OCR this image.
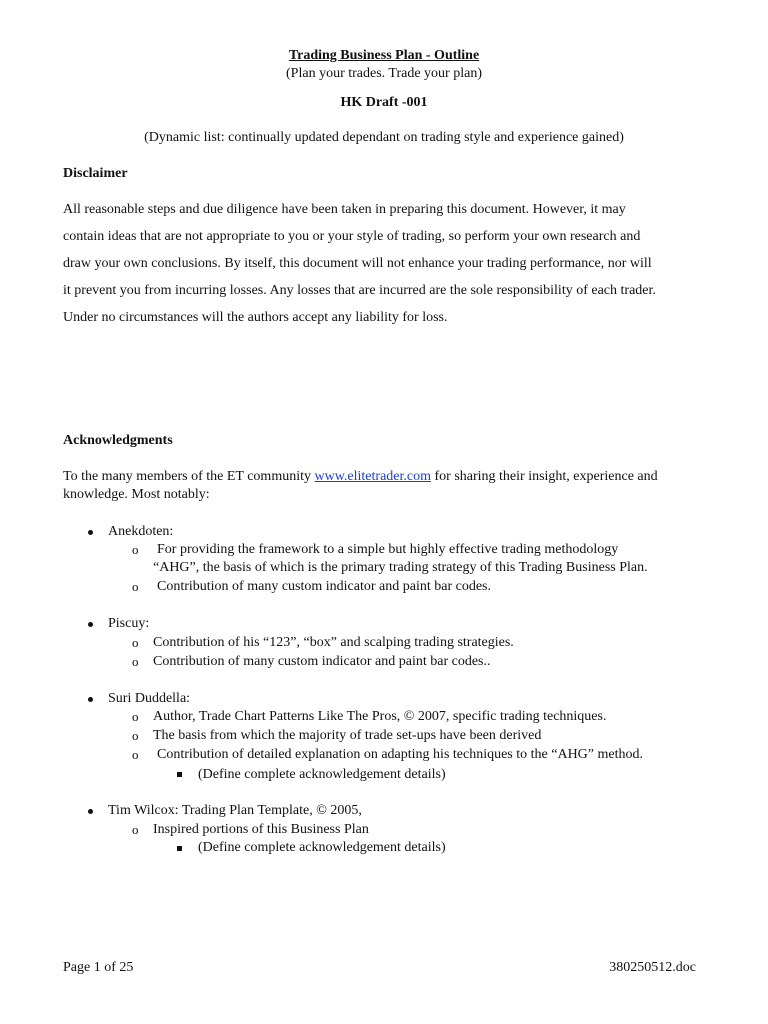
Trading Business Plan - Outline
(Plan your trades. Trade your plan)
HK Draft -001
(Dynamic list: continually updated dependant on trading style and experience gained)
Disclaimer
All reasonable steps and due diligence have been taken in preparing this document. However, it may
contain ideas that are not appropriate to you or your style of trading, so perform your own research and
draw your own conclusions. By itself, this document will not enhance your trading performance, nor will
it prevent you from incurring losses. Any losses that are incurred are the sole responsibility of each trader.
Under no circumstances will the authors accept any liability for loss.
Acknowledgments
To the many members of the ET community www.elitetrader.com for sharing their insight, experience and
knowledge. Most notably:
Anekdoten:
o For providing the framework to a simple but highly effective trading methodology
“AHG”, the basis of which is the primary trading strategy of this Trading Business Plan.
o Contribution of many custom indicator and paint bar codes.
Piscuy:
o Contribution of his “123”, “box” and scalping trading strategies.
o Contribution of many custom indicator and paint bar codes..
Suri Duddella:
o Author, Trade Chart Patterns Like The Pros, © 2007, specific trading techniques.
o The basis from which the majority of trade set-ups have been derived
o Contribution of detailed explanation on adapting his techniques to the “AHG” method.
(Define complete acknowledgement details)
Tim Wilcox: Trading Plan Template, © 2005,
o Inspired portions of this Business Plan
(Define complete acknowledgement details)
Page 1 of 25	380250512.doc
